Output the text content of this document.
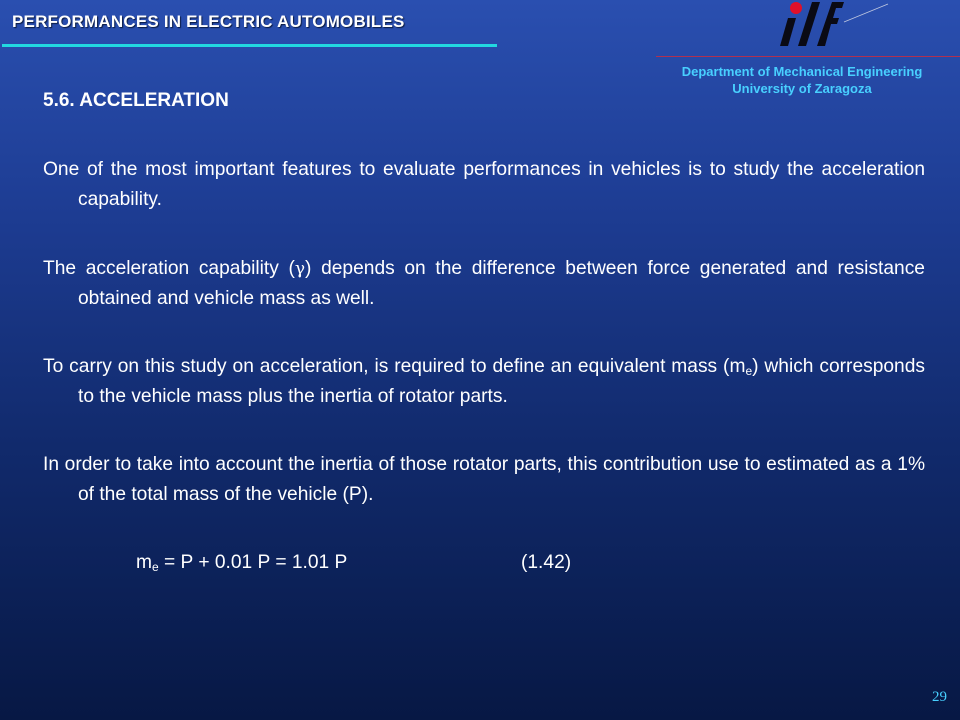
PERFORMANCES IN ELECTRIC AUTOMOBILES
Department of Mechanical Engineering
University of Zaragoza
5.6. ACCELERATION
One of the most important features to evaluate performances in vehicles is to study the acceleration capability.
The acceleration capability (γ) depends on the difference between force generated and resistance obtained and vehicle mass as well.
To carry on this study on acceleration, is required to define an equivalent mass $(m_e)$ which corresponds to the vehicle mass plus the inertia of rotator parts.
In order to take into account the inertia of those rotator parts, this contribution use to estimated as a 1% of the total mass of the vehicle (P).
$m_e = P + 0.01$ P = 1.01 P	(1.42)
29
